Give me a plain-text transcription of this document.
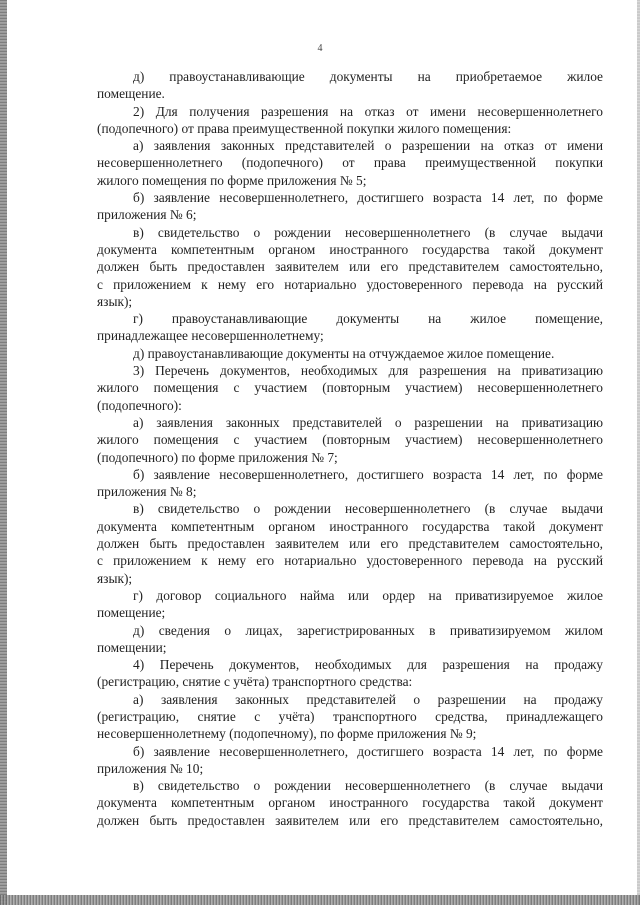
4
д) правоустанавливающие документы на приобретаемое жилое
помещение.
2) Для получения разрешения на отказ от имени несовершеннолетнего
(подопечного) от права преимущественной покупки жилого помещения:
а) заявления законных представителей о разрешении на отказ от имени
несовершеннолетнего (подопечного) от права преимущественной покупки
жилого помещения по форме приложения № 5;
б) заявление несовершеннолетнего, достигшего возраста 14 лет, по форме
приложения № 6;
в) свидетельство о рождении несовершеннолетнего (в случае выдачи
документа компетентным органом иностранного государства такой документ
должен быть предоставлен заявителем или его представителем самостоятельно,
с приложением к нему его нотариально удостоверенного перевода на русский
язык);
г) правоустанавливающие документы на жилое помещение,
принадлежащее несовершеннолетнему;
д) правоустанавливающие документы на отчуждаемое жилое помещение.
3) Перечень документов, необходимых для разрешения на приватизацию
жилого помещения с участием (повторным участием) несовершеннолетнего
(подопечного):
а) заявления законных представителей о разрешении на приватизацию
жилого помещения с участием (повторным участием) несовершеннолетнего
(подопечного) по форме приложения № 7;
б) заявление несовершеннолетнего, достигшего возраста 14 лет, по форме
приложения № 8;
в) свидетельство о рождении несовершеннолетнего (в случае выдачи
документа компетентным органом иностранного государства такой документ
должен быть предоставлен заявителем или его представителем самостоятельно,
с приложением к нему его нотариально удостоверенного перевода на русский
язык);
г) договор социального найма или ордер на приватизируемое жилое
помещение;
д) сведения о лицах, зарегистрированных в приватизируемом жилом
помещении;
4) Перечень документов, необходимых для разрешения на продажу
(регистрацию, снятие с учёта) транспортного средства:
а) заявления законных представителей о разрешении на продажу
(регистрацию, снятие с учёта) транспортного средства, принадлежащего
несовершеннолетнему (подопечному), по форме приложения № 9;
б) заявление несовершеннолетнего, достигшего возраста 14 лет, по форме
приложения № 10;
в) свидетельство о рождении несовершеннолетнего (в случае выдачи
документа компетентным органом иностранного государства такой документ
должен быть предоставлен заявителем или его представителем самостоятельно,
